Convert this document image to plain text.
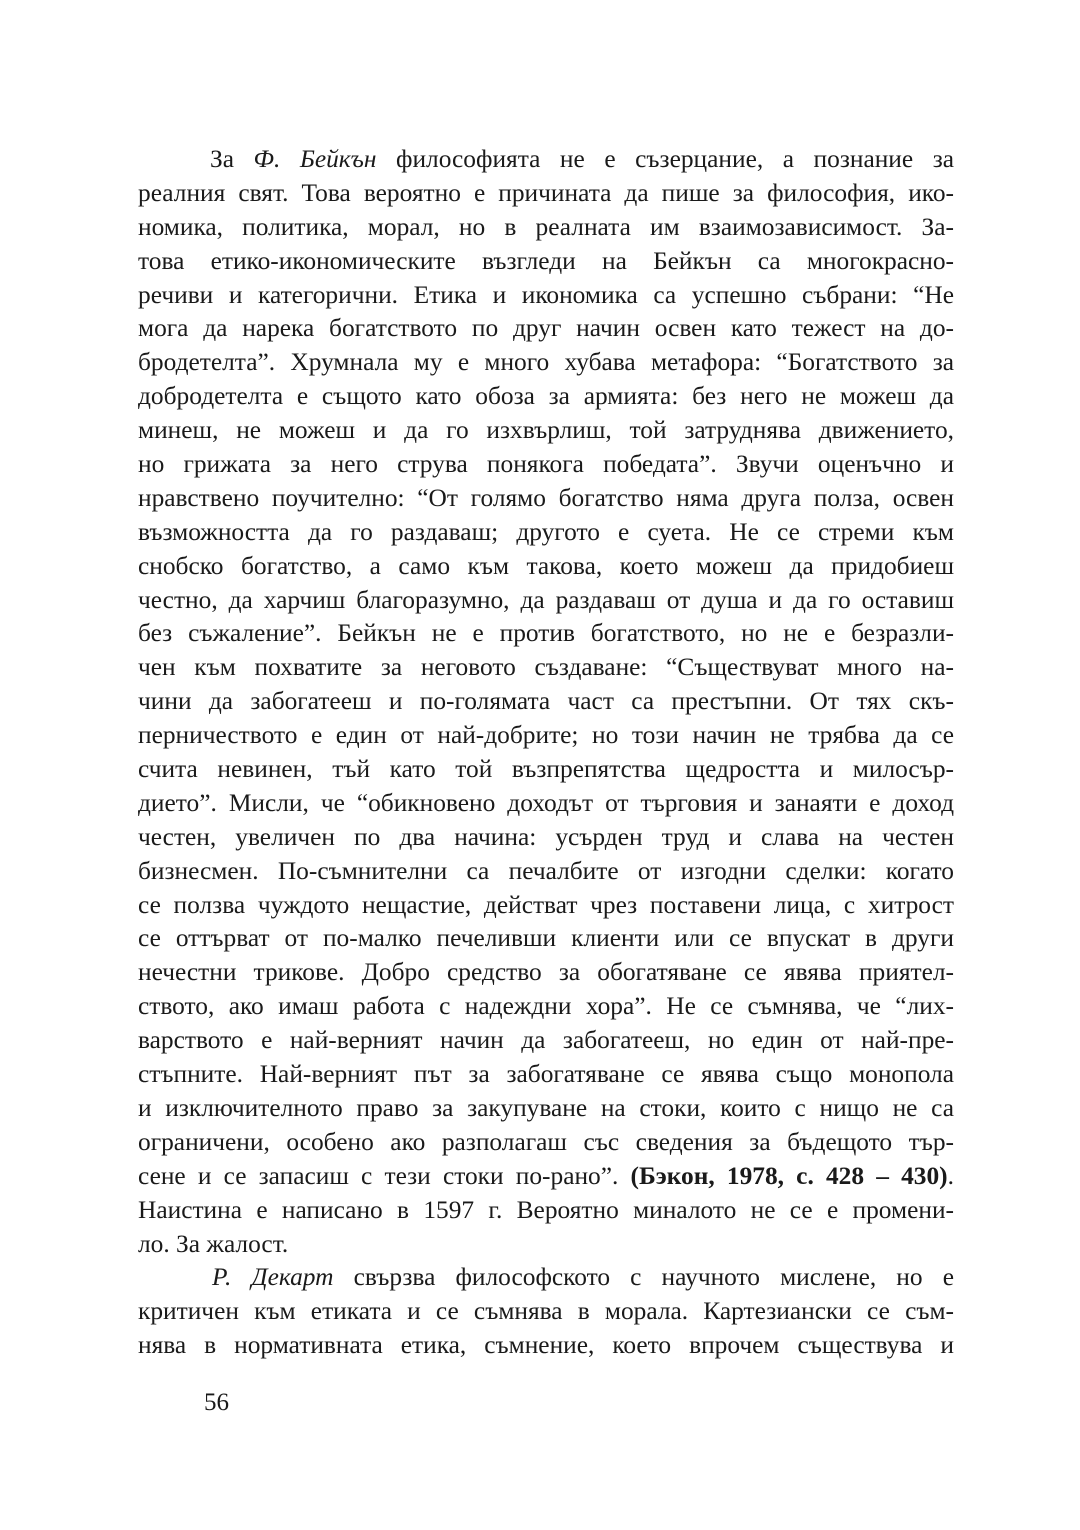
За Ф. Бейкън философията не е съзерцание, а познание за
реалния свят. Това вероятно е причината да пише за философия, ико-
номика, политика, морал, но в реалната им взаимозависимост. За-
това етико-икономическите възгледи на Бейкън са многокрасно-
речиви и категорични. Етика и икономика са успешно събрани: “Не
мога да нарека богатството по друг начин освен като тежест на до-
бродетелта”. Хрумнала му е много хубава метафора: “Богатството за
добродетелта е същото като обоза за армията: без него не можеш да
минеш, не можеш и да го изхвърлиш, той затруднява движението,
но грижата за него струва понякога победата”. Звучи оценъчно и
нравствено поучително: “От голямо богатство няма друга полза, освен
възможността да го раздаваш; другото е суета. Не се стреми към
снобско богатство, а само към такова, което можеш да придобиеш
честно, да харчиш благоразумно, да раздаваш от душа и да го оставиш
без съжаление”. Бейкън не е против богатството, но не е безразли-
чен към похватите за неговото създаване: “Съществуват много на-
чини да забогатееш и по-голямата част са престъпни. От тях скъ-
перничеството е един от най-добрите; но този начин не трябва да се
счита невинен, тъй като той възпрепятства щедростта и милосър-
дието”. Мисли, че “обикновено доходът от търговия и занаяти е доход
честен, увеличен по два начина: усърден труд и слава на честен
бизнесмен. По-съмнителни са печалбите от изгодни сделки: когато
се ползва чуждото нещастие, действат чрез поставени лица, с хитрост
се оттърват от по-малко печеливши клиенти или се впускат в други
нечестни трикове. Добро средство за обогатяване се явява приятел-
ството, ако имаш работа с надеждни хора”. Не се съмнява, че “лих-
варството е най-верният начин да забогатееш, но един от най-пре-
стъпните. Най-верният път за забогатяване се явява също монопола
и изключителното право за закупуване на стоки, които с нищо не са
ограничени, особено ако разполагаш със сведения за бъдещото тър-
сене и се запасиш с тези стоки по-рано”. (Бэкон, 1978, с. 428 – 430).
Наистина е написано в 1597 г. Вероятно миналото не се е промени-
ло. За жалост.
Р. Декарт свързва философското с научното мислене, но е
критичен към етиката и се съмнява в морала. Картезиански се съм-
нява в нормативната етика, съмнение, което впрочем съществува и
56
